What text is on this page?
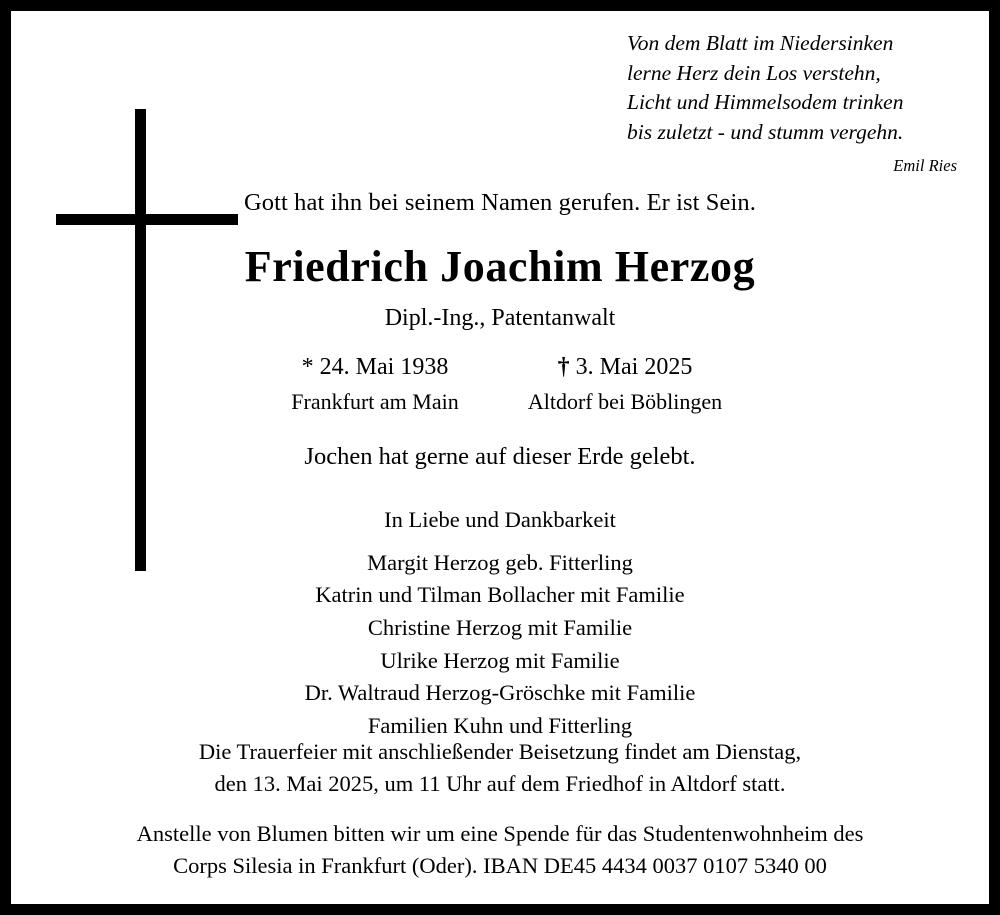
Von dem Blatt im Niedersinken
lerne Herz dein Los verstehn,
Licht und Himmelsodem trinken
bis zuletzt - und stumm vergehn.
Emil Ries
Gott hat ihn bei seinem Namen gerufen. Er ist Sein.
Friedrich Joachim Herzog
Dipl.-Ing., Patentanwalt
* 24. Mai 1938
Frankfurt am Main
† 3. Mai 2025
Altdorf bei Böblingen
Jochen hat gerne auf dieser Erde gelebt.
In Liebe und Dankbarkeit
Margit Herzog geb. Fitterling
Katrin und Tilman Bollacher mit Familie
Christine Herzog mit Familie
Ulrike Herzog mit Familie
Dr. Waltraud Herzog-Gröschke mit Familie
Familien Kuhn und Fitterling
Die Trauerfeier mit anschließender Beisetzung findet am Dienstag,
den 13. Mai 2025, um 11 Uhr auf dem Friedhof in Altdorf statt.
Anstelle von Blumen bitten wir um eine Spende für das Studentenwohnheim des
Corps Silesia in Frankfurt (Oder). IBAN DE45 4434 0037 0107 5340 00
